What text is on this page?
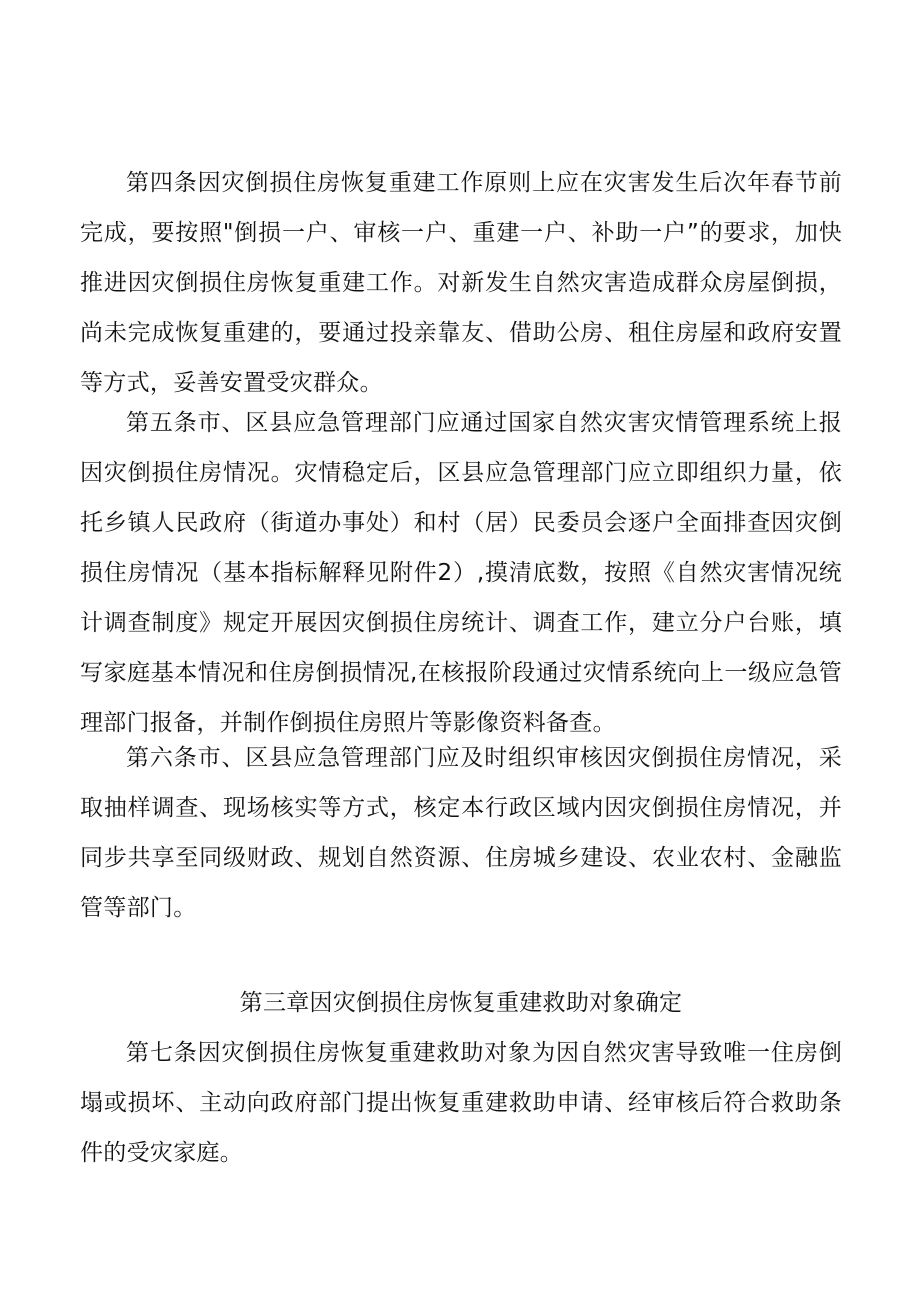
第四条因灾倒损住房恢复重建工作原则上应在灾害发生后次年春节前完成，要按照"倒损一户、审核一户、重建一户、补助一户”的要求，加快推进因灾倒损住房恢复重建工作。对新发生自然灾害造成群众房屋倒损，尚未完成恢复重建的，要通过投亲靠友、借助公房、租住房屋和政府安置等方式，妥善安置受灾群众。

第五条市、区县应急管理部门应通过国家自然灾害灾情管理系统上报因灾倒损住房情况。灾情稳定后，区县应急管理部门应立即组织力量，依托乡镇人民政府（街道办事处）和村（居）民委员会逐户全面排查因灾倒损住房情况（基本指标解释见附件2）,摸清底数，按照《自然灾害情况统计调查制度》规定开展因灾倒损住房统计、调査工作，建立分户台账，填写家庭基本情况和住房倒损情况,在核报阶段通过灾情系统向上一级应急管理部门报备，并制作倒损住房照片等影像资料备查。

第六条市、区县应急管理部门应及时组织审核因灾倒损住房情况，采取抽样调查、现场核实等方式，核定本行政区域内因灾倒损住房情况，并同步共享至同级财政、规划自然资源、住房城乡建设、农业农村、金融监管等部门。

第三章因灾倒损住房恢复重建救助对象确定

第七条因灾倒损住房恢复重建救助对象为因自然灾害导致唯一住房倒塌或损坏、主动向政府部门提出恢复重建救助申请、经审核后符合救助条件的受灾家庭。
